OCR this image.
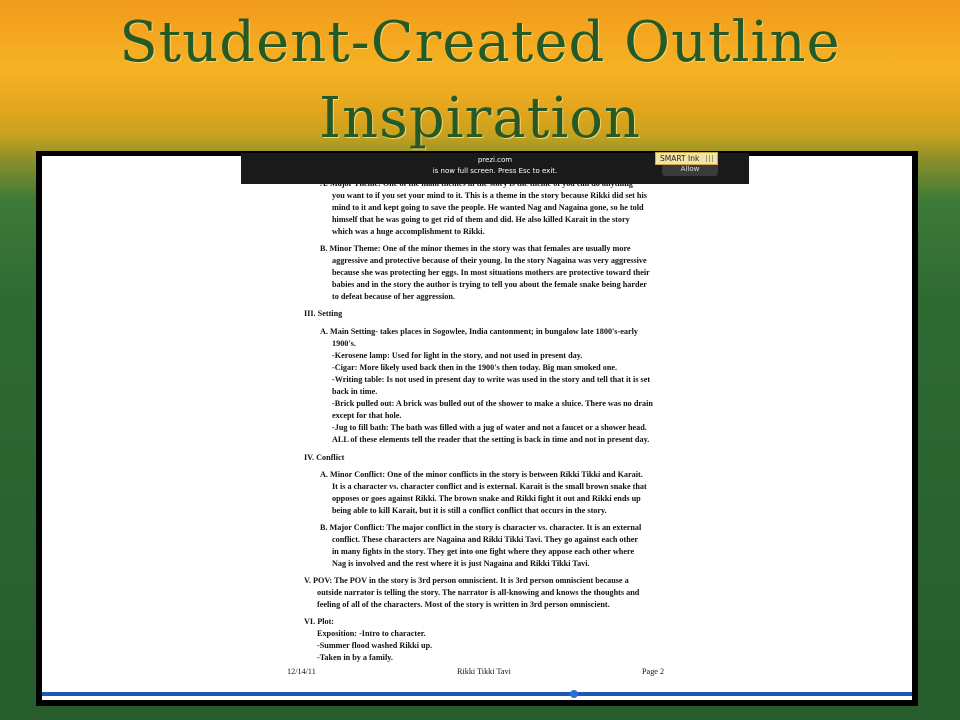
Student-Created Outline
Inspiration
you want to if you set your mind to it. This is a theme in the story because Rikki did set his
mind to it and kept going to save the people. He wanted Nag and Nagaina gone, so he told
himself that he was going to get rid of them and did. He also killed Karait in the story
which was a huge accomplishment to Rikki.
B. Minor Theme: One of the minor themes in the story was that females are usually more
aggressive and protective because of their young. In the story Nagaina was very aggressive
because she was protecting her eggs. In most situations mothers are protective toward their
babies and in the story the author is trying to tell you about the female snake being harder
to defeat because of her aggression.
III. Setting
A. Main Setting- takes places in Sogowlee, India cantonment; in bungalow late 1800's-early
1900's.
-Kerosene lamp: Used for light in the story, and not used in present day.
-Cigar: More likely used back then in the 1900's then today. Big man smoked one.
-Writing table: Is not used in present day to write was used in the story and tell that it is set
back in time.
-Brick pulled out: A brick was bulled out of the shower to make a sluice. There was no drain
except for that hole.
-Jug to fill bath: The bath was filled with a jug of water and not a faucet or a shower head.
ALL of these elements tell the reader that the setting is back in time and not in present day.
IV. Conflict
A. Minor Conflict: One of the minor conflicts in the story is between Rikki Tikki and Karait.
It is a character vs. character conflict and is external. Karait is the small brown snake that
opposes or goes against Rikki. The brown snake and Rikki fight it out and Rikki ends up
being able to kill Karait, but it is still a conflict conflict that occurs in the story.
B. Major Conflict: The major conflict in the story is character vs. character. It is an external
conflict. These characters are Nagaina and Rikki Tikki Tavi. They go against each other
in many fights in the story. They get into one fight where they appose each other where
Nag is involved and the rest where it is just Nagaina and Rikki Tikki Tavi.
V. POV: The POV in the story is 3rd person omniscient. It is 3rd person omniscient because a
outside narrator is telling the story. The narrator is all-knowing and knows the thoughts and
feeling of all of the characters. Most of the story is written in 3rd person omniscient.
VI. Plot:
Exposition: -Intro to character.
-Summer flood washed Rikki up.
-Taken in by a family.
12/14/11	Rikki Tikki Tavi	Page 2
prezi.com
is now full screen. Press Esc to exit.	Allow
SMART Ink
